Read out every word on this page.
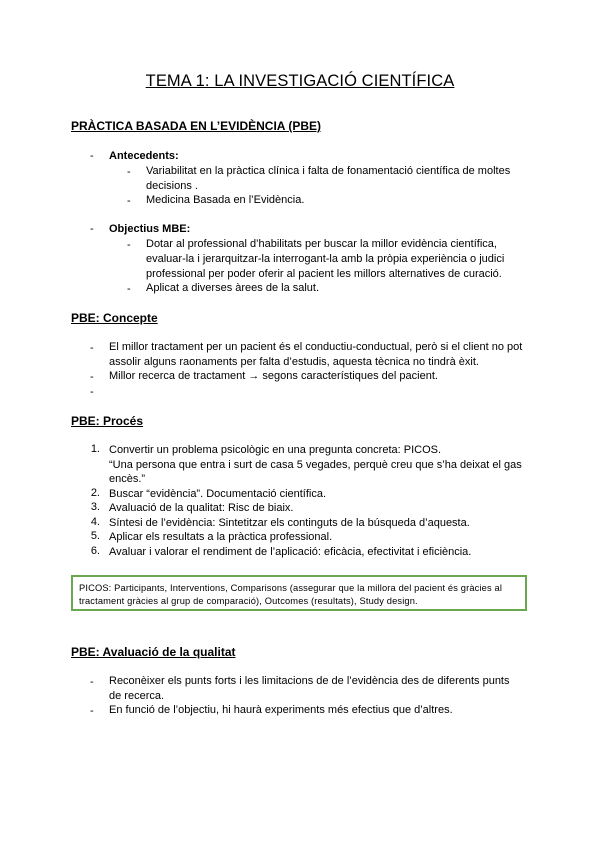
TEMA 1: LA INVESTIGACIÓ CIENTÍFICA
PRÀCTICA BASADA EN L’EVIDÈNCIA (PBE)
- Antecedents:
- Variabilitat en la pràctica clínica i falta de fonamentació científica de moltes
decisions .
- Medicina Basada en l’Evidència.
- Objectius MBE:
- Dotar al professional d’habilitats per buscar la millor evidència científica,
evaluar-la i jerarquitzar-la interrogant-la amb la pròpia experiència o judici
professional per poder oferir al pacient les millors alternatives de curació.
- Aplicat a diverses àrees de la salut.
PBE: Concepte
- El millor tractament per un pacient és el conductiu-conductual, però si el client no pot
assolir alguns raonaments per falta d’estudis, aquesta tècnica no tindrà èxit.
- Millor recerca de tractament → segons característiques del pacient.
-
PBE: Procés
1. Convertir un problema psicològic en una pregunta concreta: PICOS.
“Una persona que entra i surt de casa 5 vegades, perquè creu que s’ha deixat el gas
encès.”
2. Buscar “evidència”. Documentació científica.
3. Avaluació de la qualitat: Risc de biaix.
4. Síntesi de l’evidència: Sintetitzar els continguts de la búsqueda d’aquesta.
5. Aplicar els resultats a la pràctica professional.
6. Avaluar i valorar el rendiment de l’aplicació: eficàcia, efectivitat i eficiència.
PICOS: Participants, Interventions, Comparisons (assegurar que la millora del pacient és gràcies al
tractament gràcies al grup de comparació), Outcomes (resultats), Study design.
PBE: Avaluació de la qualitat
- Reconèixer els punts forts i les limitacions de de l’evidència des de diferents punts
de recerca.
- En funció de l’objectiu, hi haurà experiments més efectius que d’altres.
